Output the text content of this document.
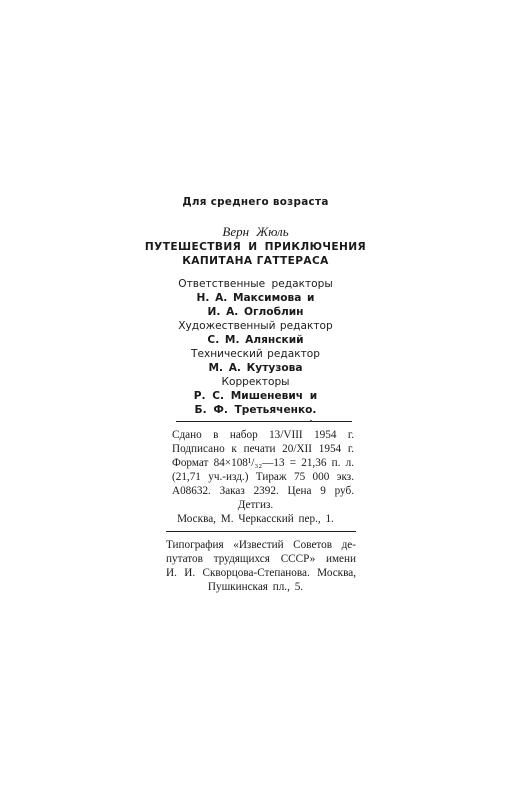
Для среднего возраста
Верн Жюль
ПУТЕШЕСТВИЯ И ПРИКЛЮЧЕНИЯ
КАПИТАНА ГАТТЕРАСА
Ответственные редакторы
Н. А. Максимова и
И. А. Оглоблин
Художественный редактор
С. М. Алянский
Технический редактор
М. А. Кутузова
Корректоры
Р. С. Мишеневич и
Б. Ф. Третьяченко.
Сдано в набор 13/VIII 1954 г.
Подписано к печати 20/XII 1954 г.
Формат 84×108¹/₃₂—13 = 21,36 п. л.
(21,71 уч.-изд.) Тираж 75 000 экз.
А08632. Заказ 2392. Цена 9 руб.
Детгиз.
Москва, М. Черкасский пер., 1.
Типография «Известий Советов де-
путатов трудящихся СССР» имени
И. И. Скворцова-Степанова. Москва,
Пушкинская пл., 5.
